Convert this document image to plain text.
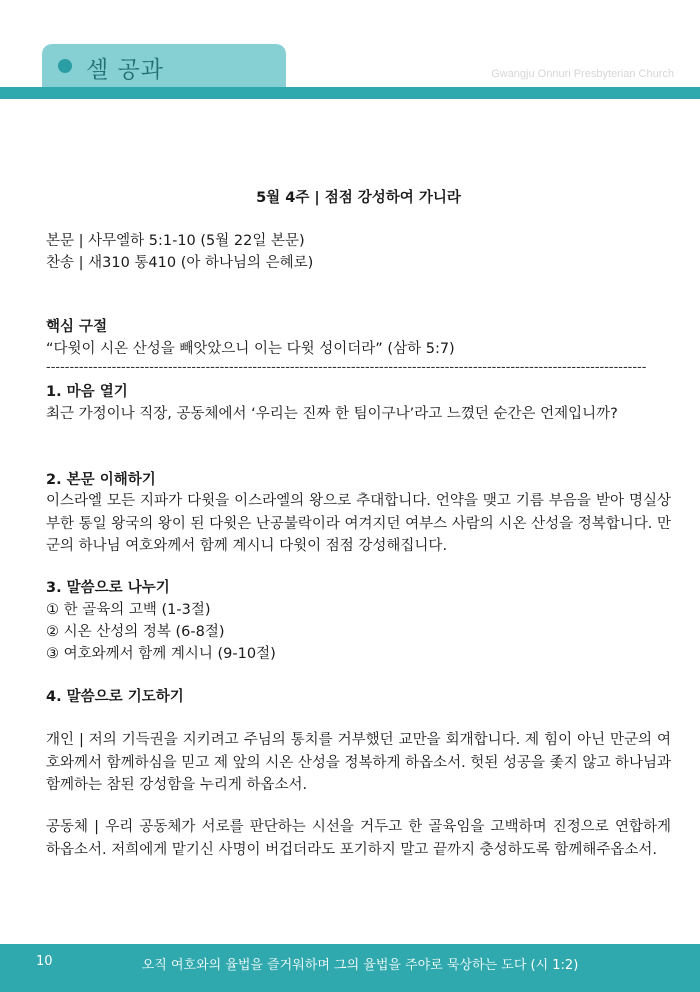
셀 공과	Gwangju Onnuri Presbyterian Church
5월 4주 | 점점 강성하여 가니라
본문 | 사무엘하 5:1-10 (5월 22일 본문)
찬송 | 새310 통410 (아 하나님의 은혜로)
핵심 구절
“다윗이 시온 산성을 빼앗았으니 이는 다윗 성이더라” (삼하 5:7)
--------------------------------------------------------------------------------------------------------------------------------
1. 마음 열기
최근 가정이나 직장, 공동체에서 ‘우리는 진짜 한 팀이구나’라고 느꼈던 순간은 언제입니까?
2. 본문 이해하기
이스라엘 모든 지파가 다윗을 이스라엘의 왕으로 추대합니다. 언약을 맺고 기름 부음을 받아 명실상부한 통일 왕국의 왕이 된 다윗은 난공불락이라 여겨지던 여부스 사람의 시온 산성을 정복합니다. 만군의 하나님 여호와께서 함께 계시니 다윗이 점점 강성해집니다.
3. 말씀으로 나누기
① 한 골육의 고백 (1-3절)
② 시온 산성의 정복 (6-8절)
③ 여호와께서 함께 계시니 (9-10절)
4. 말씀으로 기도하기
개인 | 저의 기득권을 지키려고 주님의 통치를 거부했던 교만을 회개합니다. 제 힘이 아닌 만군의 여호와께서 함께하심을 믿고 제 앞의 시온 산성을 정복하게 하옵소서. 헛된 성공을 좇지 않고 하나님과 함께하는 참된 강성함을 누리게 하옵소서.
공동체 | 우리 공동체가 서로를 판단하는 시선을 거두고 한 골육임을 고백하며 진정으로 연합하게 하옵소서. 저희에게 맡기신 사명이 버겁더라도 포기하지 말고 끝까지 충성하도록 함께해주옵소서.
10	오직 여호와의 율법을 즐거워하며 그의 율법을 주야로 묵상하는 도다 (시 1:2)
